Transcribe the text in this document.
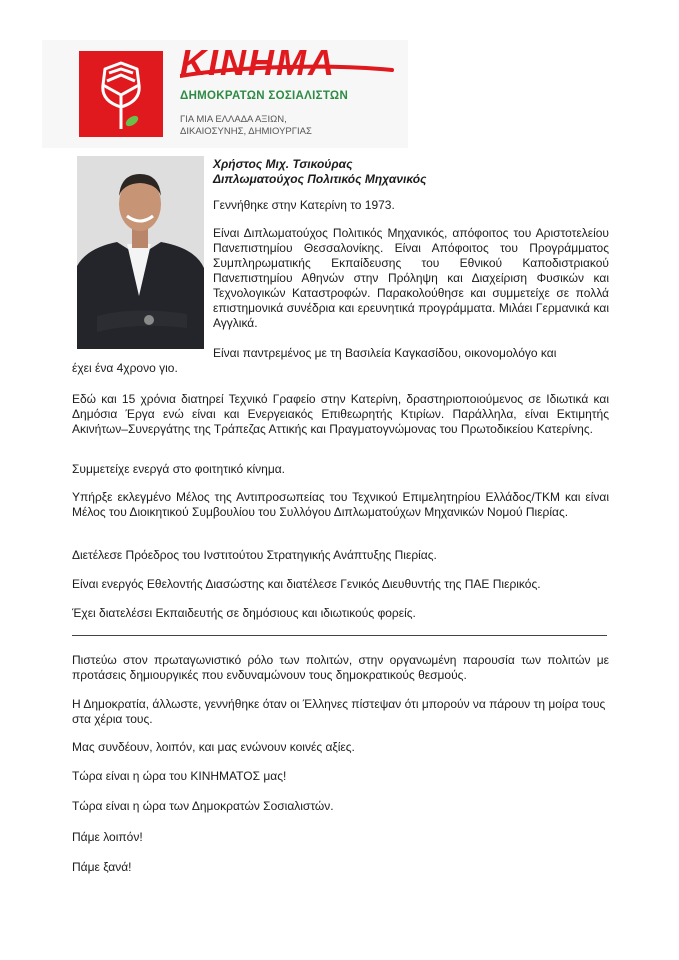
ΚΙΝΗΜΑ
ΔΗΜΟΚΡΑΤΩΝ ΣΟΣΙΑΛΙΣΤΩΝ
ΓΙΑ ΜΙΑ ΕΛΛΑΔΑ ΑΞΙΩΝ,
ΔΙΚΑΙΟΣΥΝΗΣ, ΔΗΜΙΟΥΡΓΙΑΣ
Χρήστος Μιχ. Τσικούρας
Διπλωματούχος Πολιτικός Μηχανικός
Γεννήθηκε στην Κατερίνη το 1973.
Είναι Διπλωματούχος Πολιτικός Μηχανικός, απόφοιτος του Αριστοτελείου Πανεπιστημίου Θεσσαλονίκης. Είναι Απόφοιτος του Προγράμματος Συμπληρωματικής Εκπαίδευσης του Εθνικού Καποδιστριακού Πανεπιστημίου Αθηνών στην Πρόληψη και Διαχείριση Φυσικών και Τεχνολογικών Καταστροφών. Παρακολούθησε και συμμετείχε σε πολλά επιστημονικά συνέδρια και ερευνητικά προγράμματα. Μιλάει Γερμανικά και Αγγλικά.
Είναι παντρεμένος με τη Βασιλεία Καγκασίδου, οικονομολόγο και
έχει ένα 4χρονο γιο.
Εδώ και 15 χρόνια διατηρεί Τεχνικό Γραφείο στην Κατερίνη, δραστηριοποιούμενος σε Ιδιωτικά και Δημόσια Έργα ενώ είναι και Ενεργειακός Επιθεωρητής Κτιρίων. Παράλληλα, είναι Εκτιμητής Ακινήτων–Συνεργάτης της Τράπεζας Αττικής και Πραγματογνώμονας του Πρωτοδικείου Κατερίνης.
Συμμετείχε ενεργά στο φοιτητικό κίνημα.
Υπήρξε εκλεγμένο Μέλος της Αντιπροσωπείας του Τεχνικού Επιμελητηρίου Ελλάδος/ΤΚΜ και είναι Μέλος του Διοικητικού Συμβουλίου του Συλλόγου Διπλωματούχων Μηχανικών Νομού Πιερίας.
Διετέλεσε Πρόεδρος του Ινστιτούτου Στρατηγικής Ανάπτυξης Πιερίας.
Είναι ενεργός Εθελοντής Διασώστης και διατέλεσε Γενικός Διευθυντής της ΠΑΕ Πιερικός.
Έχει διατελέσει Εκπαιδευτής σε δημόσιους και ιδιωτικούς φορείς.
Πιστεύω στον πρωταγωνιστικό ρόλο των πολιτών, στην οργανωμένη παρουσία των πολιτών με προτάσεις δημιουργικές που ενδυναμώνουν τους δημοκρατικούς θεσμούς.
Η Δημοκρατία, άλλωστε, γεννήθηκε όταν οι Έλληνες πίστεψαν ότι μπορούν να πάρουν τη μοίρα τους στα χέρια τους.
Μας συνδέουν, λοιπόν, και μας ενώνουν κοινές αξίες.
Τώρα είναι η ώρα του ΚΙΝΗΜΑΤΟΣ μας!
Τώρα είναι η ώρα των Δημοκρατών Σοσιαλιστών.
Πάμε λοιπόν!
Πάμε ξανά!
